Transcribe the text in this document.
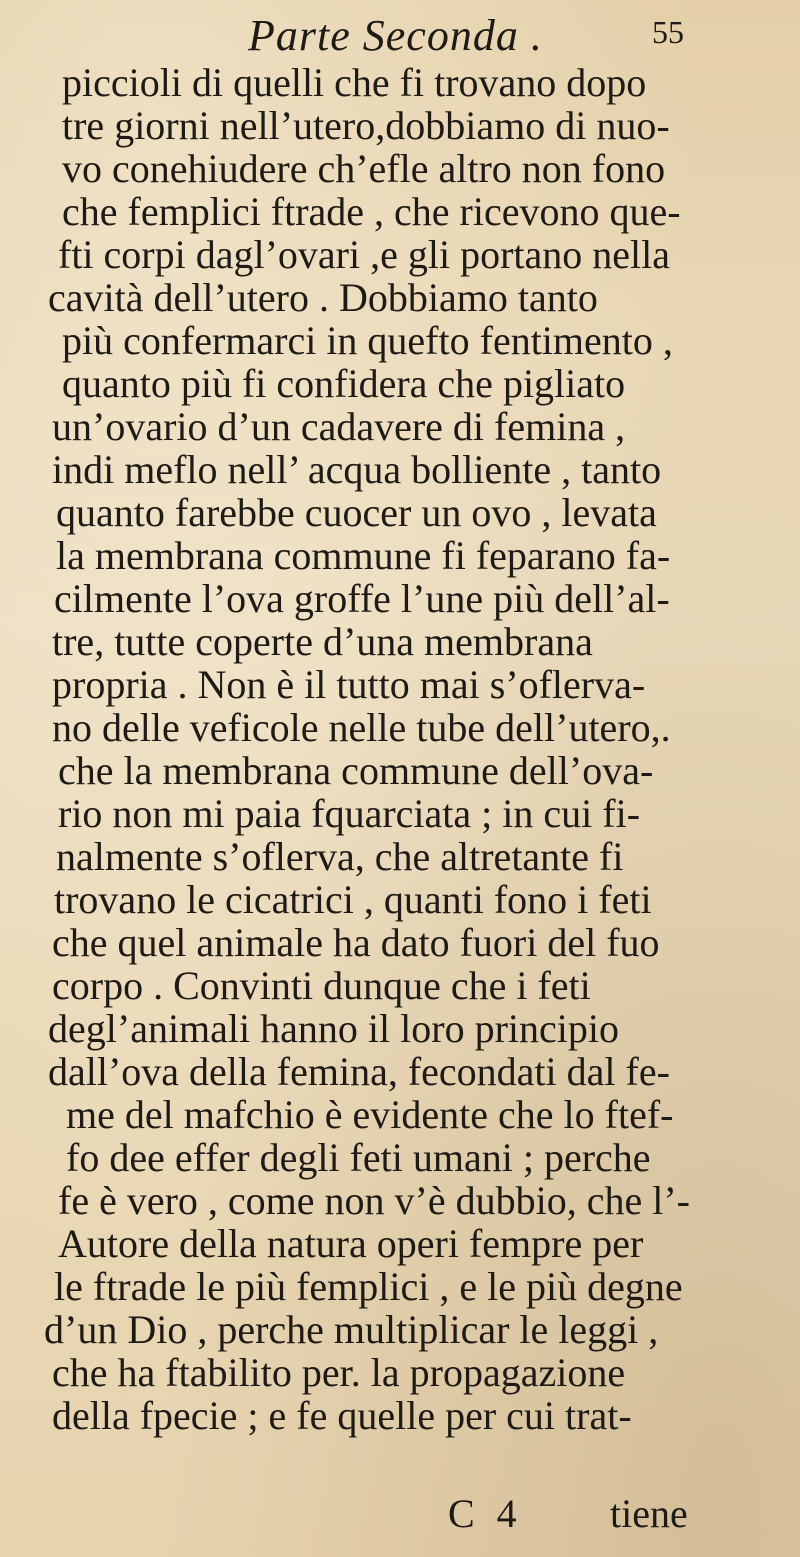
Parte Seconda .	55
piccioli di quelli che fi trovano dopo
tre giorni nell’utero,dobbiamo di nuo-
vo conehiudere ch’efle altro non fono
che femplici ftrade , che ricevono que-
fti corpi dagl’ovari ,e gli portano nella
cavità dell’utero . Dobbiamo tanto
più confermarci in quefto fentimento ,
quanto più fi confidera che pigliato
un’ovario d’un cadavere di femina ,
indi meflo nell’ acqua bolliente , tanto
quanto farebbe cuocer un ovo , levata
la membrana commune fi feparano fa-
cilmente l’ova groffe l’une più dell’al-
tre, tutte coperte d’una membrana
propria . Non è il tutto mai s’oflerva-
no delle veficole nelle tube dell’utero,.
che la membrana commune dell’ova-
rio non mi paia fquarciata ; in cui fi-
nalmente s’oflerva, che altretante fi
trovano le cicatrici , quanti fono i feti
che quel animale ha dato fuori del fuo
corpo . Convinti dunque che i feti
degl’animali hanno il loro principio
dall’ova della femina, fecondati dal fe-
me del mafchio è evidente che lo ftef-
fo dee effer degli feti umani ; perche
fe è vero , come non v’è dubbio, che l’-
Autore della natura operi fempre per
le ftrade le più femplici , e le più degne
d’un Dio , perche multiplicar le leggi ,
che ha ftabilito per. la propagazione
della fpecie ; e fe quelle per cui trat-
C 4 tiene
